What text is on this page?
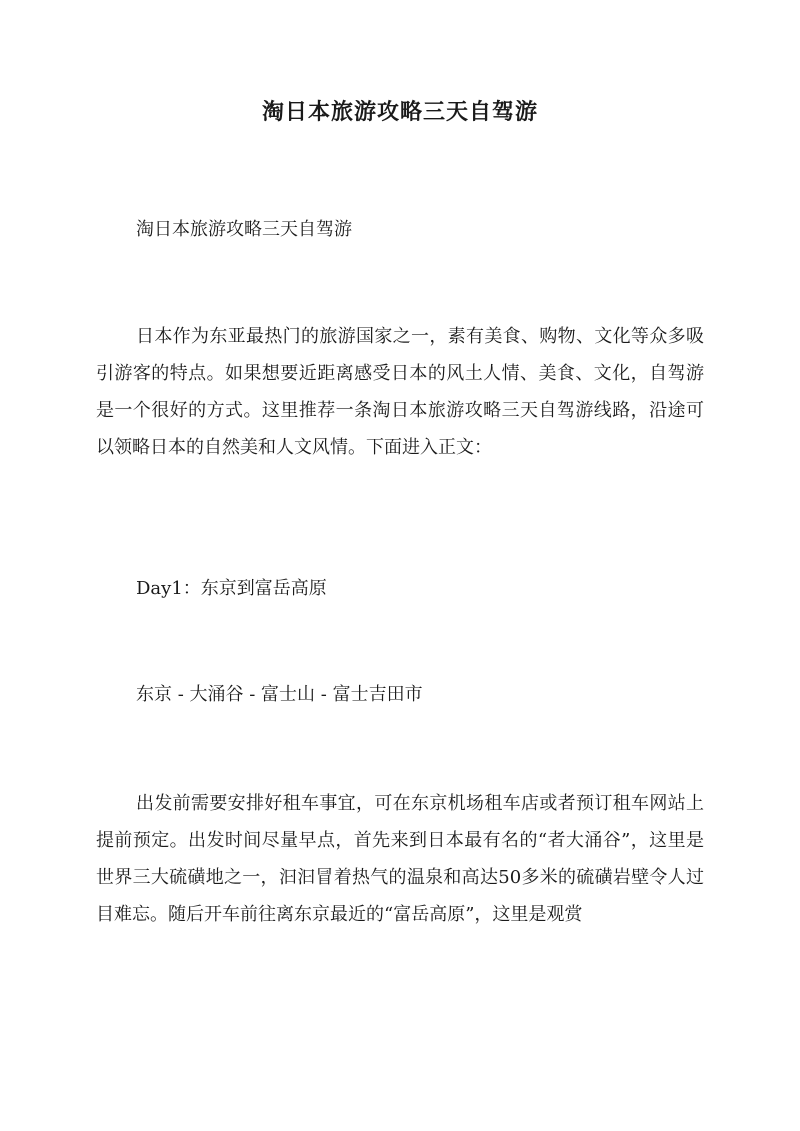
淘日本旅游攻略三天自驾游
淘日本旅游攻略三天自驾游
日本作为东亚最热门的旅游国家之一，素有美食、购物、文化等众多吸引游客的特点。如果想要近距离感受日本的风土人情、美食、文化，自驾游是一个很好的方式。这里推荐一条淘日本旅游攻略三天自驾游线路，沿途可以领略日本的自然美和人文风情。下面进入正文：
Day1：东京到富岳高原
东京 - 大涌谷 - 富士山 - 富士吉田市
出发前需要安排好租车事宜，可在东京机场租车店或者预订租车网站上提前预定。出发时间尽量早点，首先来到日本最有名的“者大涌谷”，这里是世界三大硫磺地之一，汩汩冒着热气的温泉和高达50多米的硫磺岩壁令人过目难忘。随后开车前往离东京最近的“富岳高原”，这里是观赏
